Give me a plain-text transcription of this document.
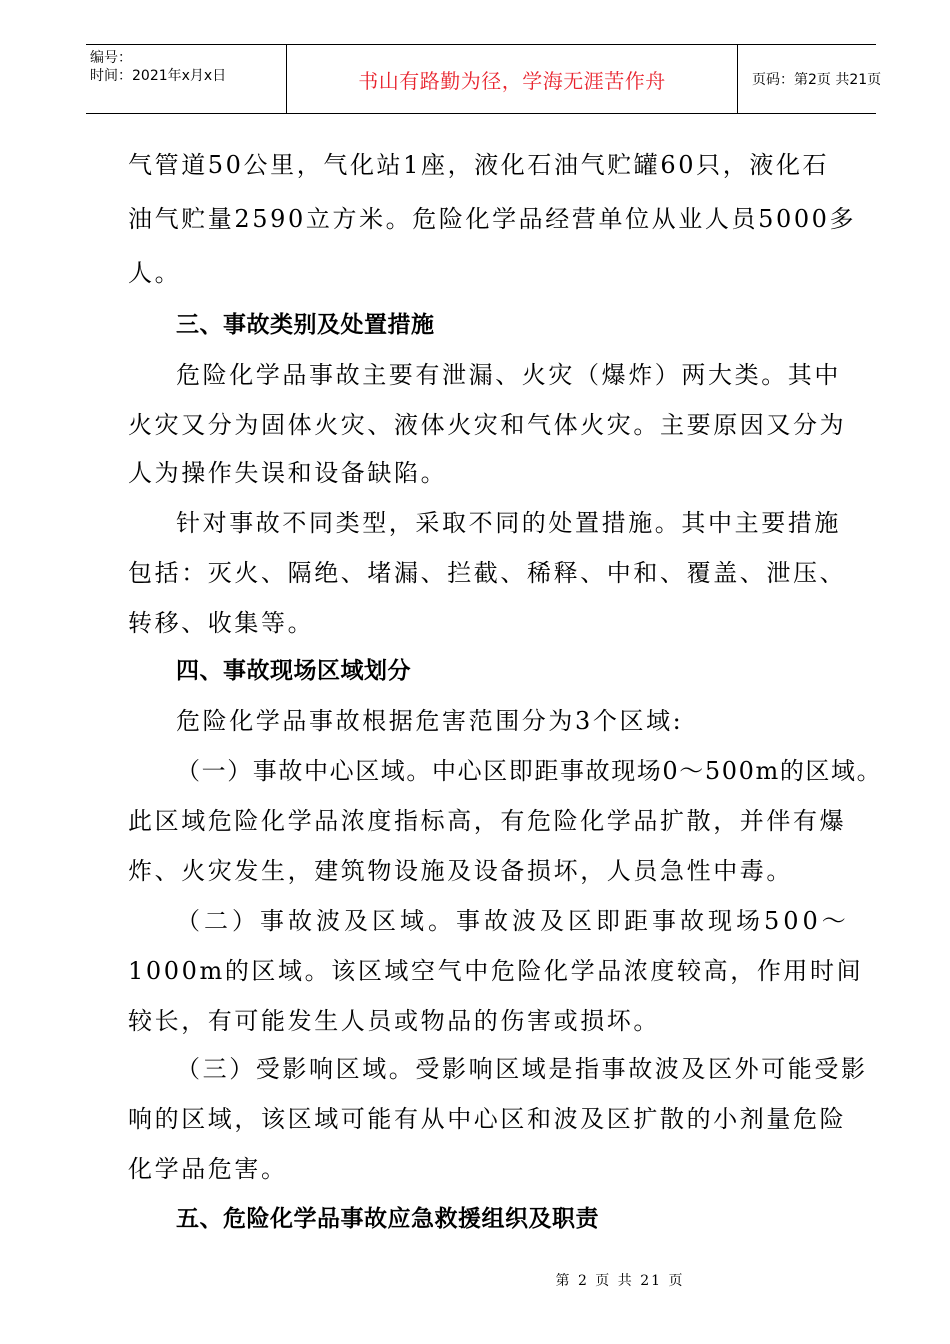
编号：
时间：2021年x月x日	书山有路勤为径，学海无涯苦作舟	页码：第2页 共21页
气管道50公里，气化站1座，液化石油气贮罐60只，液化石
油气贮量2590立方米。危险化学品经营单位从业人员5000多
人。
三、事故类别及处置措施
危险化学品事故主要有泄漏、火灾（爆炸）两大类。其中
火灾又分为固体火灾、液体火灾和气体火灾。主要原因又分为
人为操作失误和设备缺陷。
针对事故不同类型，采取不同的处置措施。其中主要措施
包括：灭火、隔绝、堵漏、拦截、稀释、中和、覆盖、泄压、
转移、收集等。
四、事故现场区域划分
危险化学品事故根据危害范围分为3个区域:
（一）事故中心区域。中心区即距事故现场0～500m的区域。
此区域危险化学品浓度指标高，有危险化学品扩散，并伴有爆
炸、火灾发生，建筑物设施及设备损坏，人员急性中毒。
（二）事故波及区域。事故波及区即距事故现场500～
1000m的区域。该区域空气中危险化学品浓度较高，作用时间
较长，有可能发生人员或物品的伤害或损坏。
（三）受影响区域。受影响区域是指事故波及区外可能受影
响的区域，该区域可能有从中心区和波及区扩散的小剂量危险
化学品危害。
五、危险化学品事故应急救援组织及职责
第 2 页 共 21 页
